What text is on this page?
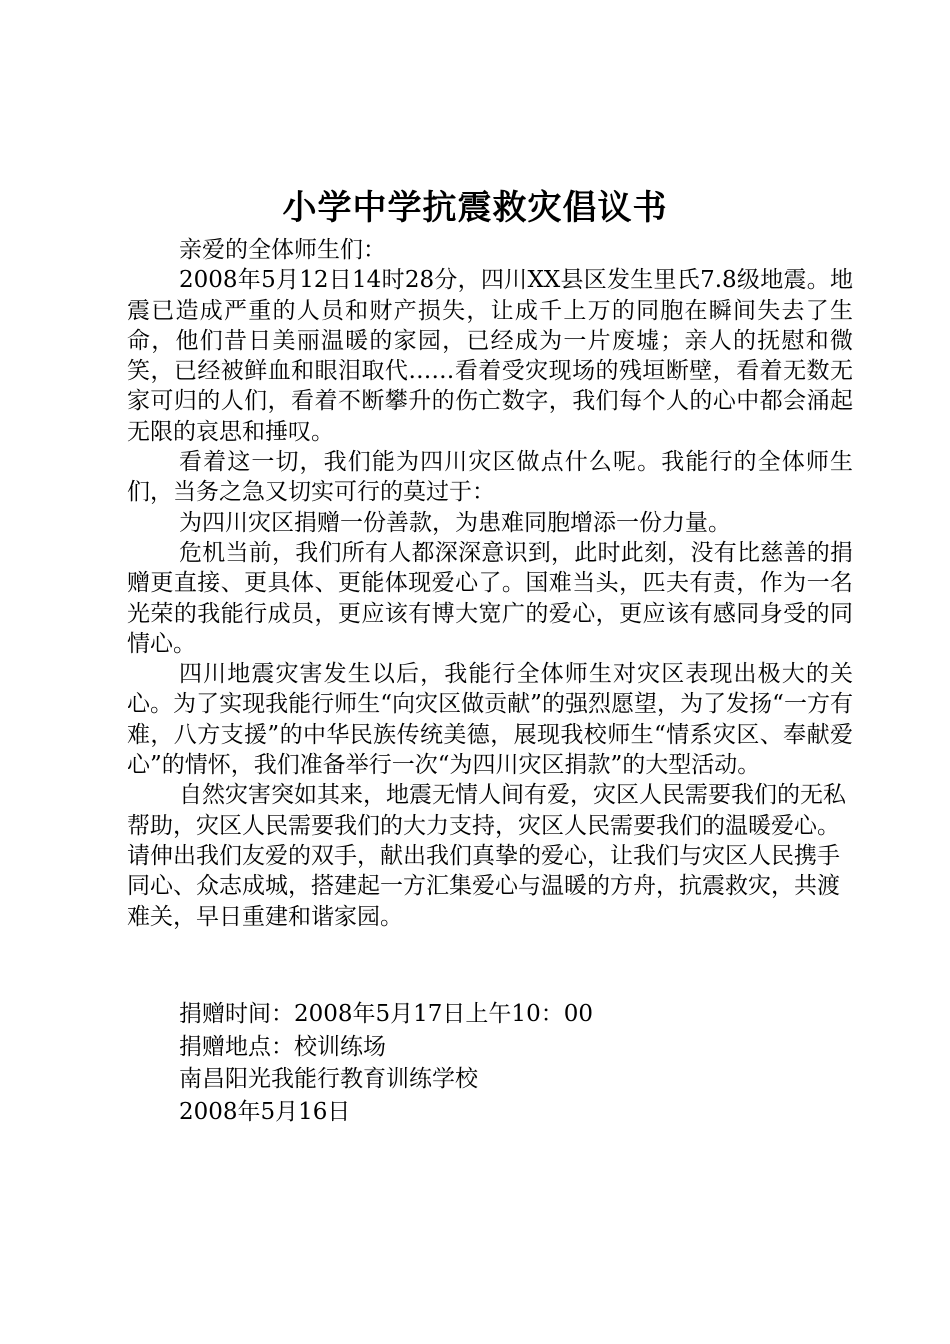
小学中学抗震救灾倡议书

亲爱的全体师生们：

2008年5月12日14时28分，四川XX县区发生里氏7.8级地震。地震已造成严重的人员和财产损失，让成千上万的同胞在瞬间失去了生命，他们昔日美丽温暖的家园，已经成为一片废墟；亲人的抚慰和微笑，已经被鲜血和眼泪取代……看着受灾现场的残垣断壁，看着无数无家可归的人们，看着不断攀升的伤亡数字，我们每个人的心中都会涌起无限的哀思和捶叹。

看着这一切，我们能为四川灾区做点什么呢。我能行的全体师生们，当务之急又切实可行的莫过于：

为四川灾区捐赠一份善款，为患难同胞增添一份力量。

危机当前，我们所有人都深深意识到，此时此刻，没有比慈善的捐赠更直接、更具体、更能体现爱心了。国难当头，匹夫有责，作为一名光荣的我能行成员，更应该有博大宽广的爱心，更应该有感同身受的同情心。

四川地震灾害发生以后，我能行全体师生对灾区表现出极大的关心。为了实现我能行师生“向灾区做贡献”的强烈愿望，为了发扬“一方有难，八方支援”的中华民族传统美德，展现我校师生“情系灾区、奉献爱心”的情怀，我们准备举行一次“为四川灾区捐款”的大型活动。

自然灾害突如其来，地震无情人间有爱，灾区人民需要我们的无私帮助，灾区人民需要我们的大力支持，灾区人民需要我们的温暖爱心。请伸出我们友爱的双手，献出我们真挚的爱心，让我们与灾区人民携手同心、众志成城，搭建起一方汇集爱心与温暖的方舟，抗震救灾，共渡难关，早日重建和谐家园。

捐赠时间：2008年5月17日上午10：00

捐赠地点：校训练场

南昌阳光我能行教育训练学校

2008年5月16日
